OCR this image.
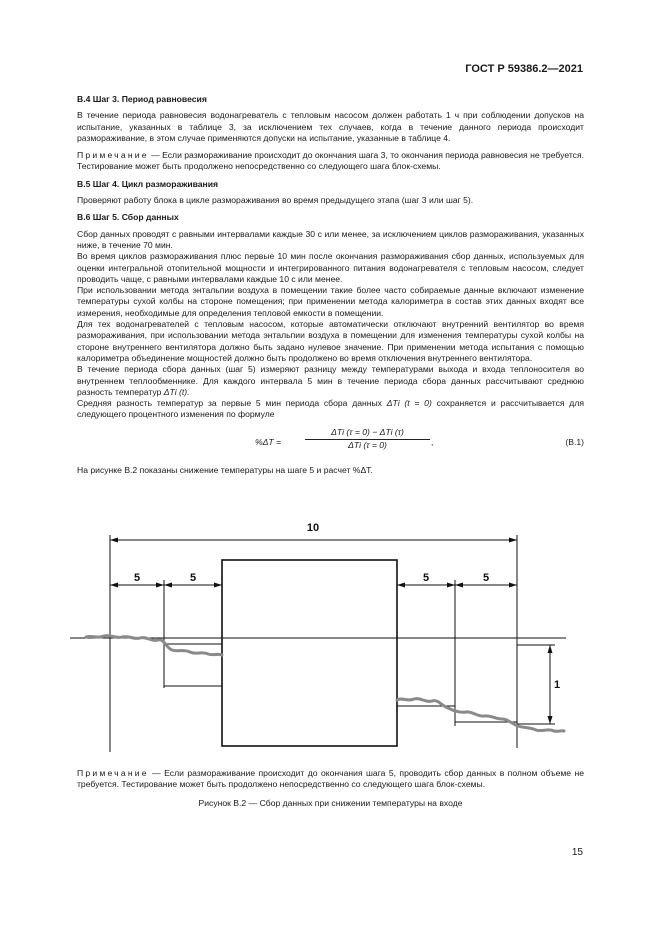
ГОСТ Р 59386.2—2021
B.4 Шаг 3. Период равновесия

В течение периода равновесия водонагреватель с тепловым насосом должен работать 1 ч при соблюдении допусков на испытание, указанных в таблице 3, за исключением тех случаев, когда в течение данного периода происходит размораживание, в этом случае применяются допуски на испытание, указанные в таблице 4.

Примечание — Если размораживание происходит до окончания шага 3, то окончания периода равновесия не требуется. Тестирование может быть продолжено непосредственно со следующего шага блок-схемы.

B.5 Шаг 4. Цикл размораживания

Проверяют работу блока в цикле размораживания во время предыдущего этапа (шаг 3 или шаг 5).

B.6 Шаг 5. Сбор данных

Сбор данных проводят с равными интервалами каждые 30 с или менее, за исключением циклов размораживания, указанных ниже, в течение 70 мин.

Во время циклов размораживания плюс первые 10 мин после окончания размораживания сбор данных, используемых для оценки интегральной отопительной мощности и интегрированного питания водонагревателя с тепловым насосом, следует проводить чаще, с равными интервалами каждые 10 с или менее.

При использовании метода энтальпии воздуха в помещении такие более часто собираемые данные включают изменение температуры сухой колбы на стороне помещения; при применении метода калориметра в состав этих данных входят все измерения, необходимые для определения тепловой емкости в помещении.

Для тех водонагревателей с тепловым насосом, которые автоматически отключают внутренний вентилятор во время размораживания, при использовании метода энтальпии воздуха в помещении для изменения температуры сухой колбы на стороне внутреннего вентилятора должно быть задано нулевое значение. При применении метода испытания с помощью калориметра объединение мощностей должно быть продолжено во время отключения внутреннего вентилятора.

В течение периода сбора данных (шаг 5) измеряют разницу между температурами выхода и входа теплоносителя во внутреннем теплообменнике. Для каждого интервала 5 мин в течение периода сбора данных рассчитывают среднюю разность температур ΔTi (t).

Средняя разность температур за первые 5 мин периода сбора данных ΔTi (t = 0) сохраняется и рассчитывается для следующего процентного изменения по формуле

%ΔT =
ΔTi (τ = 0) − ΔTi (τ)
ΔTi (τ = 0)	,	(B.1)

На рисунке B.2 показаны снижение температуры на шаге 5 и расчет %ΔT.

10
5	5	5	5
1

Примечание — Если размораживание происходит до окончания шага 5, проводить сбор данных в полном объеме не требуется. Тестирование может быть продолжено непосредственно со следующего шага блок-схемы.

Рисунок B.2 — Сбор данных при снижении температуры на входе
15
